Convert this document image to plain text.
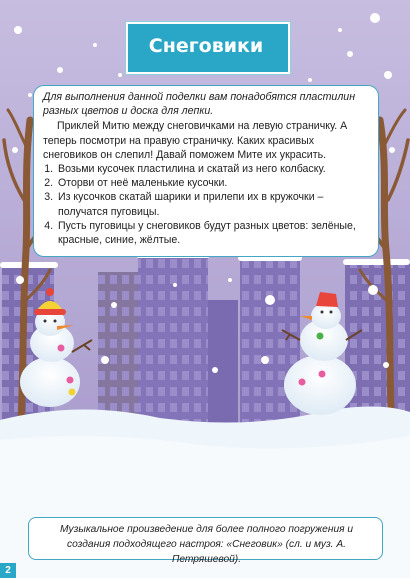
Снеговики

Для выполнения данной поделки вам понадобятся пластилин разных цветов и доска для лепки.

Приклей Митю между снеговичками на левую страничку. А теперь посмотри на правую страничку. Каких красивых снеговиков он слепил! Давай поможем Мите их украсить.

1. Возьми кусочек пластилина и скатай из него колбаску.
2. Оторви от неё маленькие кусочки.
3. Из кусочков скатай шарики и прилепи их в кружочки – получатся пуговицы.
4. Пусть пуговицы у снеговиков будут разных цветов: зелёные, красные, синие, жёлтые.
Музыкальное произведение для более полного погружения и создания подходящего настроя: «Снеговик» (сл. и муз. А. Петряшевой).
2
